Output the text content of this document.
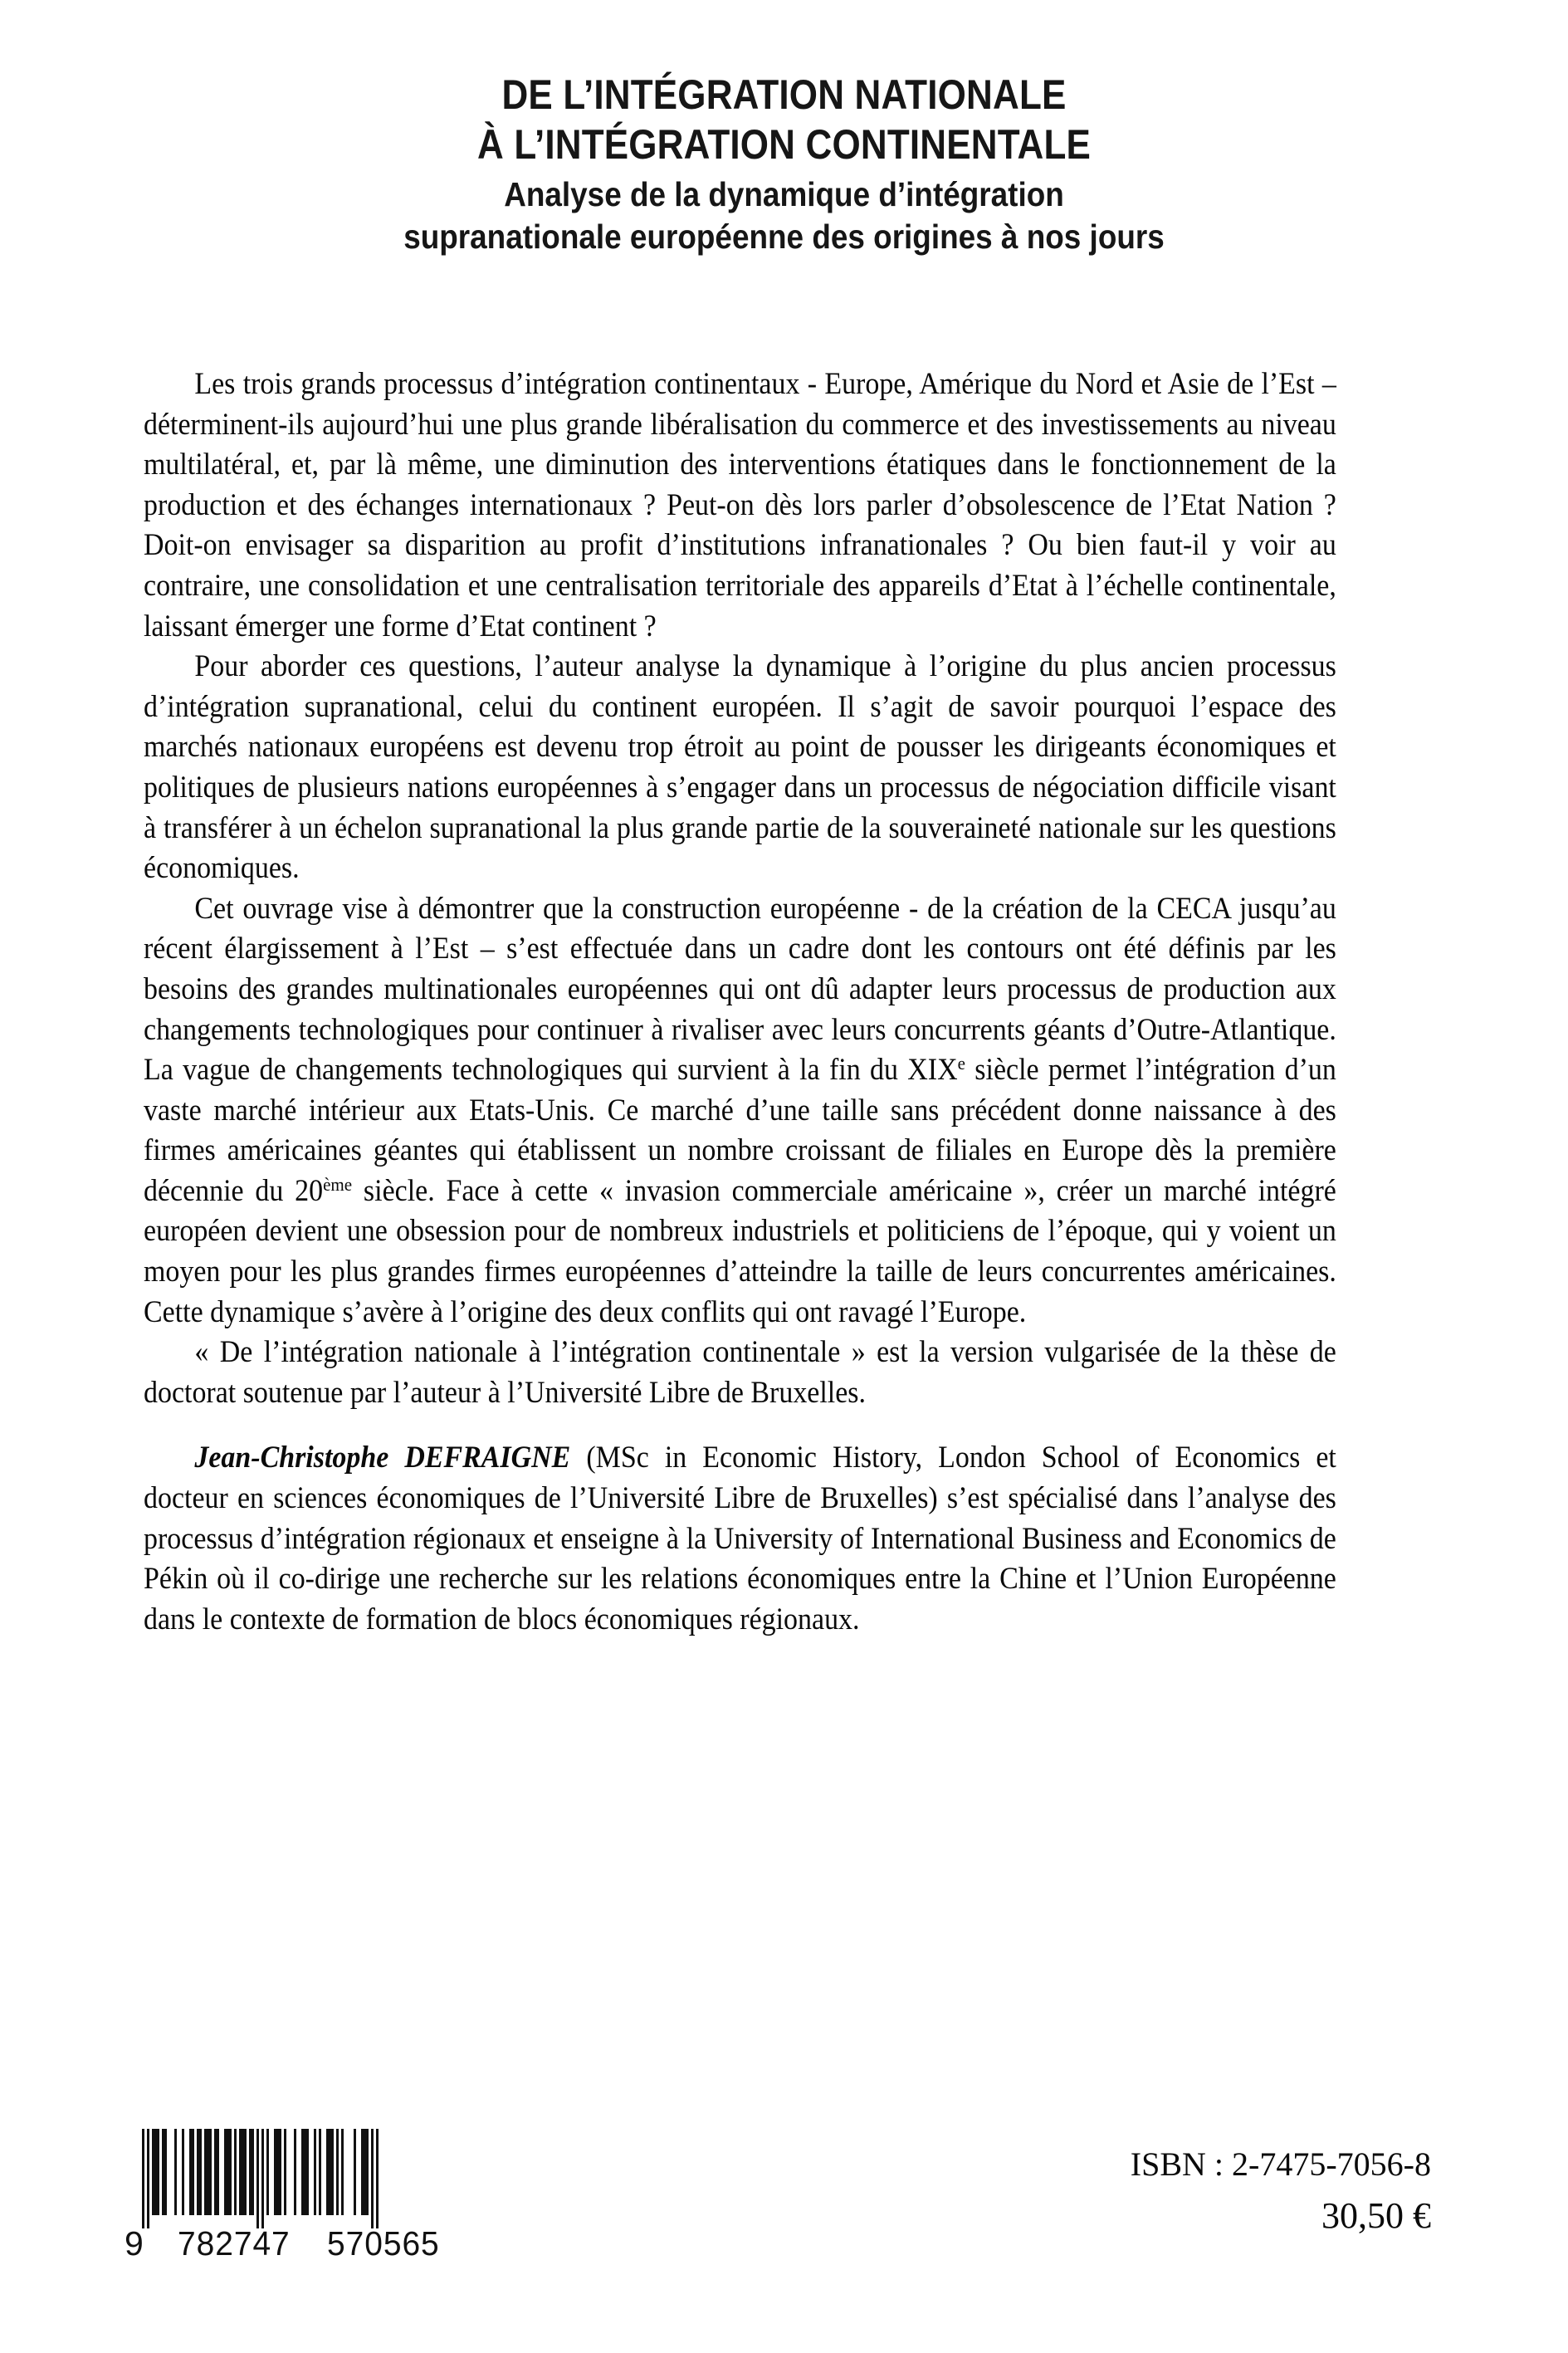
DE L’INTÉGRATION NATIONALE
À L’INTÉGRATION CONTINENTALE
Analyse de la dynamique d’intégration
supranationale européenne des origines à nos jours

Les trois grands processus d’intégration continentaux - Europe, Amérique du Nord et Asie de l’Est – déterminent-ils aujourd’hui une plus grande libéralisation du commerce et des investissements au niveau multilatéral, et, par là même, une diminution des interventions étatiques dans le fonctionnement de la production et des échanges internationaux ? Peut-on dès lors parler d’obsolescence de l’Etat Nation ? Doit-on envisager sa disparition au profit d’institutions infranationales ? Ou bien faut-il y voir au contraire, une consolidation et une centralisation territoriale des appareils d’Etat à l’échelle continentale, laissant émerger une forme d’Etat continent ?

Pour aborder ces questions, l’auteur analyse la dynamique à l’origine du plus ancien processus d’intégration supranational, celui du continent européen. Il s’agit de savoir pourquoi l’espace des marchés nationaux européens est devenu trop étroit au point de pousser les dirigeants économiques et politiques de plusieurs nations européennes à s’engager dans un processus de négociation difficile visant à transférer à un échelon supranational la plus grande partie de la souveraineté nationale sur les questions économiques.

Cet ouvrage vise à démontrer que la construction européenne - de la création de la CECA jusqu’au récent élargissement à l’Est – s’est effectuée dans un cadre dont les contours ont été définis par les besoins des grandes multinationales européennes qui ont dû adapter leurs processus de production aux changements technologiques pour continuer à rivaliser avec leurs concurrents géants d’Outre-Atlantique. La vague de changements technologiques qui survient à la fin du XIXe siècle permet l’intégration d’un vaste marché intérieur aux Etats-Unis. Ce marché d’une taille sans précédent donne naissance à des firmes américaines géantes qui établissent un nombre croissant de filiales en Europe dès la première décennie du 20ème siècle. Face à cette « invasion commerciale américaine », créer un marché intégré européen devient une obsession pour de nombreux industriels et politiciens de l’époque, qui y voient un moyen pour les plus grandes firmes européennes d’atteindre la taille de leurs concurrentes américaines. Cette dynamique s’avère à l’origine des deux conflits qui ont ravagé l’Europe.

« De l’intégration nationale à l’intégration continentale » est la version vulgarisée de la thèse de doctorat soutenue par l’auteur à l’Université Libre de Bruxelles.

Jean-Christophe DEFRAIGNE (MSc in Economic History, London School of Economics et docteur en sciences économiques de l’Université Libre de Bruxelles) s’est spécialisé dans l’analyse des processus d’intégration régionaux et enseigne à la University of International Business and Economics de Pékin où il co-dirige une recherche sur les relations économiques entre la Chine et l’Union Européenne dans le contexte de formation de blocs économiques régionaux.

9 782747 570565
ISBN : 2-7475-7056-8
30,50 €
